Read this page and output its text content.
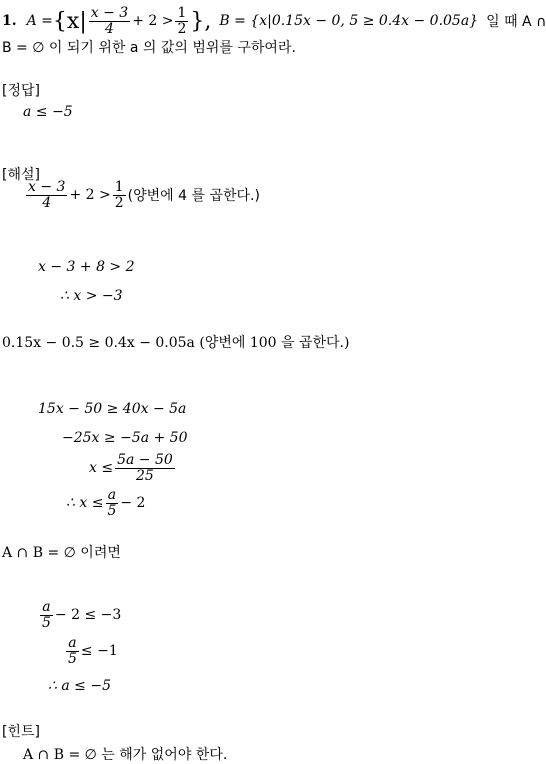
1. $A = \{x| \frac{x - 3}{4} + 2 > \frac{1}{2}$ }, B = {x|0.15x − 0, 5 ≥ 0.4x − 0.05a} 일 때 A ∩
B = ∅ 이 되기 위한 a 의 값의 범위를 구하여라.
[정답]
a ≤ −5
[해설]
$\frac{x - 3}{4} + 2 > \frac{1}{2}$ (양변에 4 를 곱한다.)
x − 3 + 8 > 2
∴ x > −3
0.15x − 0.5 ≥ 0.4x − 0.05a (양변에 100 을 곱한다.)
15x − 50 ≥ 40x − 5a
−25x ≥ −5a + 50
$x \le \frac{5a - 50}{25}$
∴ $x \le \frac{a}{5} - 2$
A ∩ B = ∅ 이려면
$\frac{a}{5} - 2 \le -3$
$\frac{a}{5} \le -1$
∴ a ≤ −5
[힌트]
A ∩ B = ∅ 는 해가 없어야 한다.
